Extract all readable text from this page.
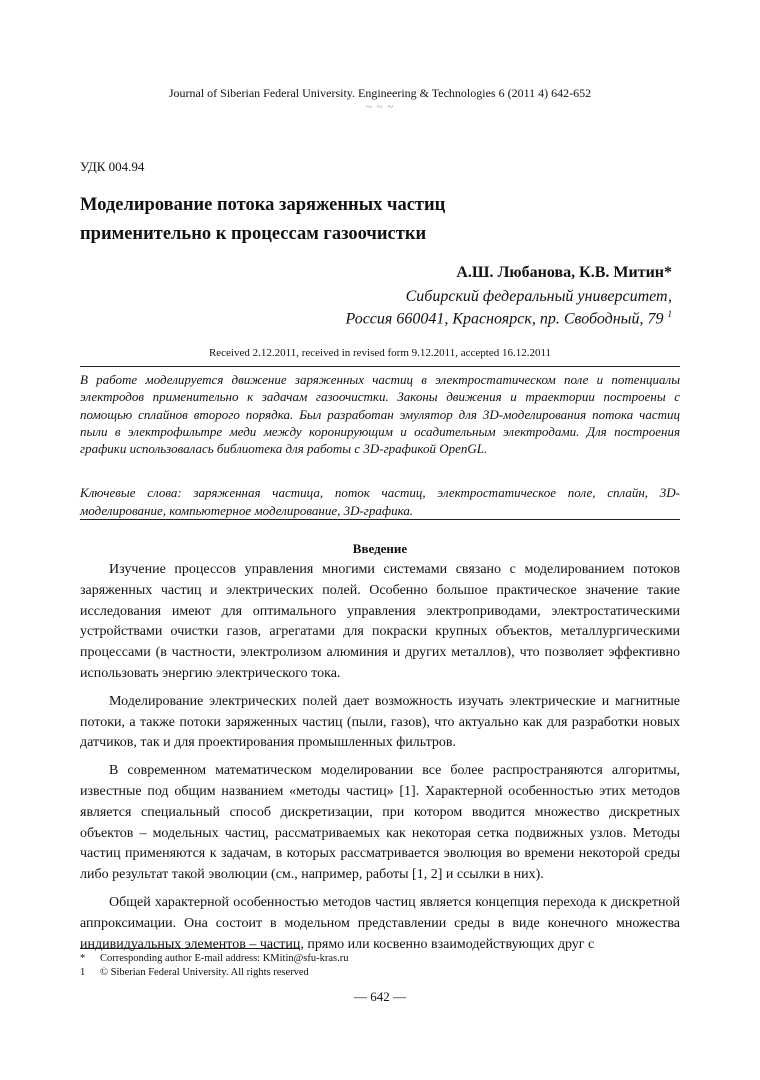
Journal of Siberian Federal University. Engineering & Technologies 6 (2011 4) 642-652
~ ~ ~
УДК 004.94
Моделирование потока заряженных частиц
применительно к процессам газоочистки
А.Ш. Любанова, К.В. Митин*
Сибирский федеральный университет,
Россия 660041, Красноярск, пр. Свободный, 79 $^1$
Received 2.12.2011, received in revised form 9.12.2011, accepted 16.12.2011

В работе моделируется движение заряженных частиц в электростатическом поле и потенциалы электродов применительно к задачам газоочистки. Законы движения и траектории построены с помощью сплайнов второго порядка. Был разработан эмулятор для 3D-моделирования потока частиц пыли в электрофильтре меди между коронирующим и осадительным электродами. Для построения графики использовалась библиотека для работы с 3D-графикой OpenGL.

Ключевые слова: заряженная частица, поток частиц, электростатическое поле, сплайн, 3D-моделирование, компьютерное моделирование, 3D-графика.
Введение

Изучение процессов управления многими системами связано с моделированием потоков заряженных частиц и электрических полей. Особенно большое практическое значение такие исследования имеют для оптимального управления электроприводами, электростатическими устройствами очистки газов, агрегатами для покраски крупных объектов, металлургическими процессами (в частности, электролизом алюминия и других металлов), что позволяет эффективно использовать энергию электрического тока.

Моделирование электрических полей дает возможность изучать электрические и магнитные потоки, а также потоки заряженных частиц (пыли, газов), что актуально как для разработки новых датчиков, так и для проектирования промышленных фильтров.

В современном математическом моделировании все более распространяются алгоритмы, известные под общим названием «методы частиц» [1]. Характерной особенностью этих методов является специальный способ дискретизации, при котором вводится множество дискретных объектов – модельных частиц, рассматриваемых как некоторая сетка подвижных узлов. Методы частиц применяются к задачам, в которых рассматривается эволюция во времени некоторой среды либо результат такой эволюции (см., например, работы [1, 2] и ссылки в них).

Общей характерной особенностью методов частиц является концепция перехода к дискретной аппроксимации. Она состоит в модельном представлении среды в виде конечного множества индивидуальных элементов – частиц, прямо или косвенно взаимодействующих друг с

*	Corresponding author E-mail address: KMitin@sfu-kras.ru
1	© Siberian Federal University. All rights reserved
— 642 —
